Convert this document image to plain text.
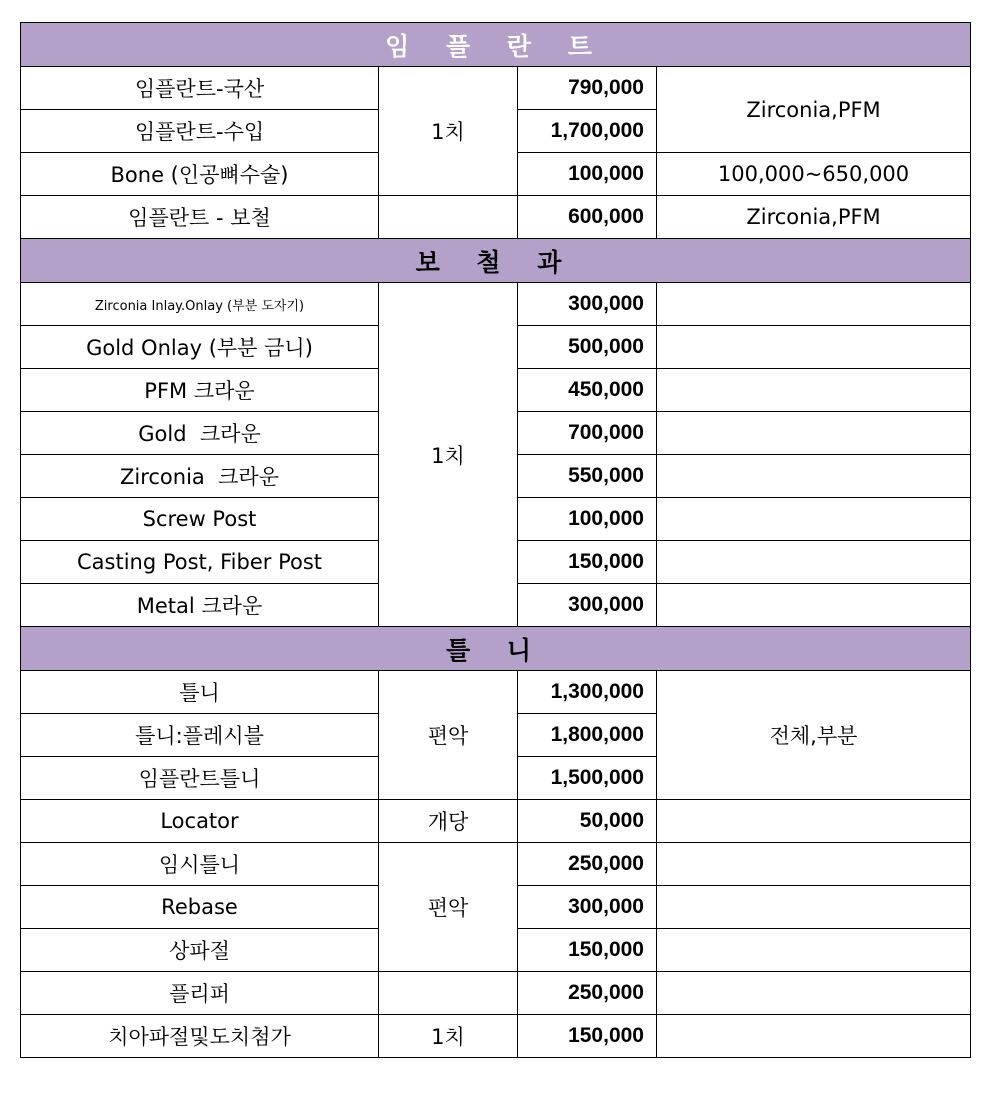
임 플 란 트			
임플란트-국산	1치	790,000	Zirconia,PFM
임플란트-수입		1,700,000	
Bone (인공뼈수술)		100,000	100,000~650,000
임플란트 - 보철		600,000	Zirconia,PFM
보 철 과			
Zirconia Inlay.Onlay (부분 도자기)	1치	300,000	
Gold Onlay (부분 금니)		500,000	
PFM 크라운		450,000	
Gold  크라운		700,000	
Zirconia  크라운		550,000	
Screw Post		100,000	
Casting Post, Fiber Post		150,000	
Metal 크라운		300,000	
틀 니			
틀니	편악	1,300,000	전체,부분
틀니:플레시블		1,800,000	
임플란트틀니		1,500,000	
Locator	개당	50,000	
임시틀니	편악	250,000	
Rebase		300,000	
상파절		150,000	
플리퍼		250,000	
치아파절및도치첨가	1치	150,000	
